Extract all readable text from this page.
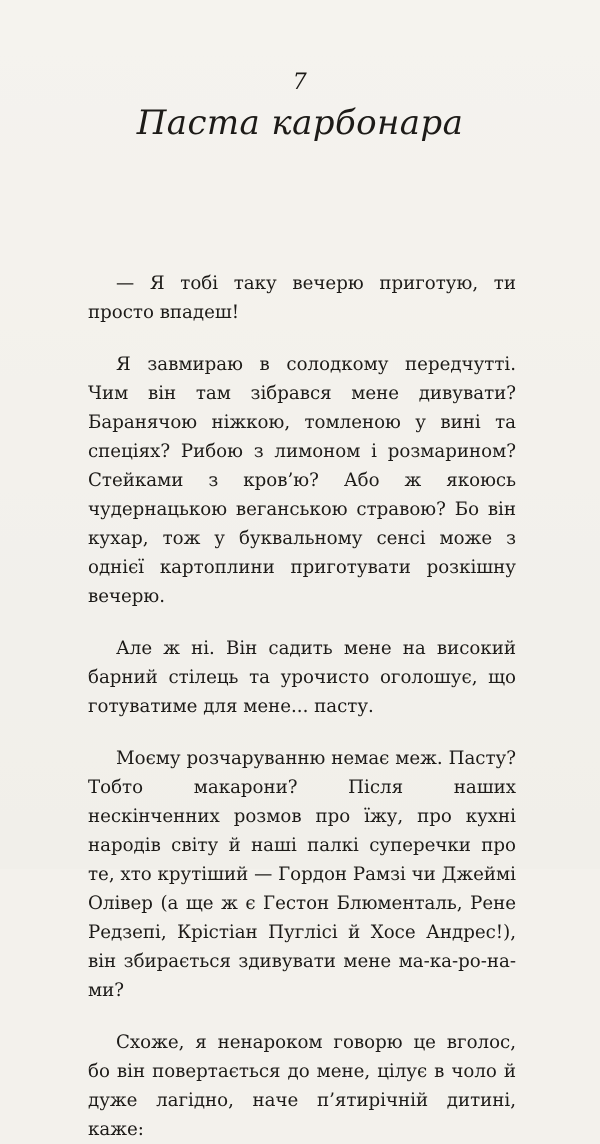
7
Паста карбонара

— Я тобі таку вечерю приготую, ти просто впадеш!

Я завмираю в солодкому передчутті. Чим він там зібрався мене дивувати? Баранячою ніжкою, томленою у вині та спеціях? Рибою з лимоном і розмарином? Стейками з кров’ю? Або ж якоюсь чудернацькою веганською стравою? Бо він кухар, тож у буквальному сенсі може з однієї картоплини приготувати розкішну вечерю.

Але ж ні. Він садить мене на високий барний стілець та урочисто оголошує, що готуватиме для мене... пасту.

Моєму розчаруванню немає меж. Пасту? Тобто макарони? Після наших нескінченних розмов про їжу, про кухні народів світу й наші палкі суперечки про те, хто крутіший — Гордон Рамзі чи Джеймі Олівер (а ще ж є Гестон Блюменталь, Рене Редзепі, Крістіан Пуглісі й Хосе Андрес!), він збирається здивувати мене ма-ка-ро-на-ми?

Схоже, я ненароком говорю це вголос, бо він повертається до мене, цілує в чоло й дуже лагідно, наче п’ятирічній дитині, каже:
